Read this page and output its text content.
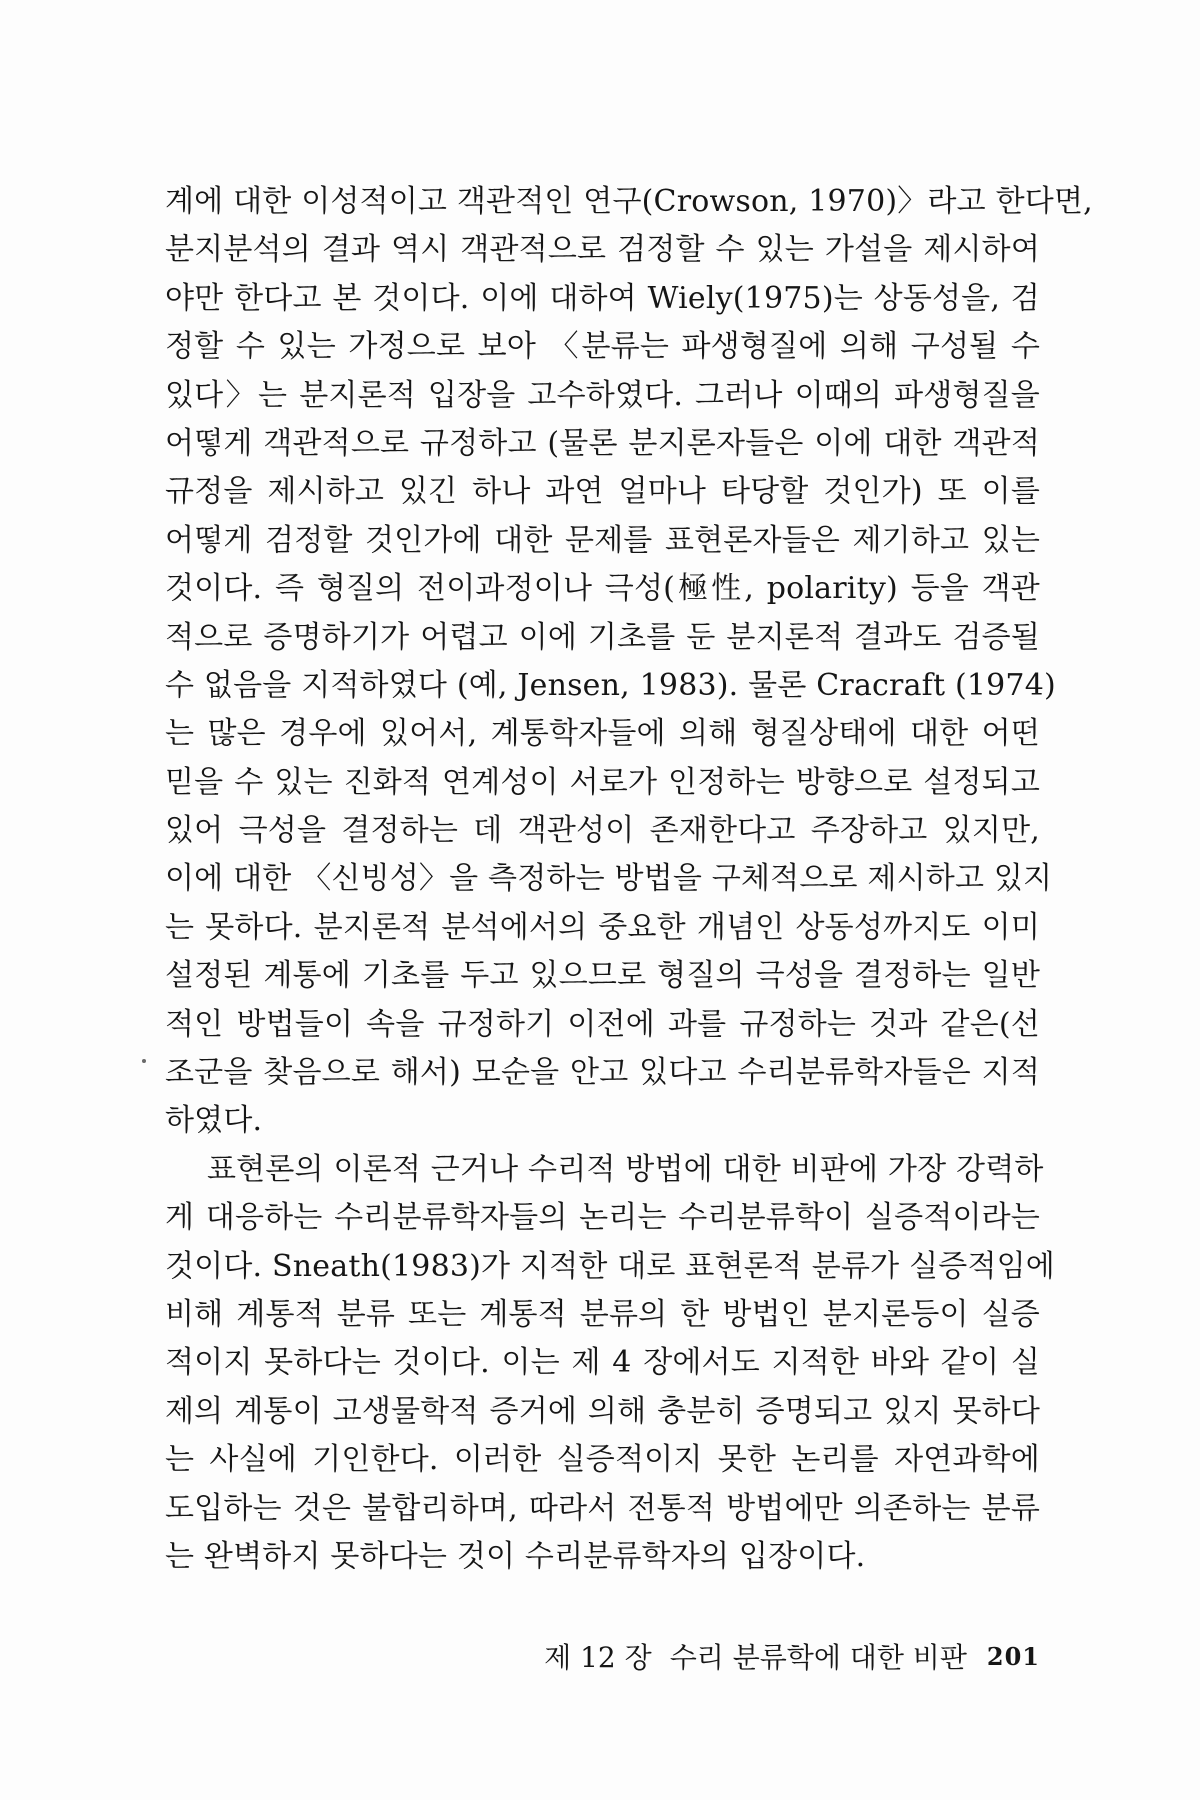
계에 대한 이성적이고 객관적인 연구(Crowson, 1970)〉라고 한다면,
분지분석의 결과 역시 객관적으로 검정할 수 있는 가설을 제시하여
야만 한다고 본 것이다. 이에 대하여 Wiely(1975)는 상동성을, 검
정할 수 있는 가정으로 보아 〈분류는 파생형질에 의해 구성될 수
있다〉는 분지론적 입장을 고수하였다. 그러나 이때의 파생형질을
어떻게 객관적으로 규정하고 (물론 분지론자들은 이에 대한 객관적
규정을 제시하고 있긴 하나 과연 얼마나 타당할 것인가) 또 이를
어떻게 검정할 것인가에 대한 문제를 표현론자들은 제기하고 있는
것이다. 즉 형질의 전이과정이나 극성(極性, polarity) 등을 객관
적으로 증명하기가 어렵고 이에 기초를 둔 분지론적 결과도 검증될
수 없음을 지적하였다 (예, Jensen, 1983). 물론 Cracraft (1974)
는 많은 경우에 있어서, 계통학자들에 의해 형질상태에 대한 어떤
믿을 수 있는 진화적 연계성이 서로가 인정하는 방향으로 설정되고
있어 극성을 결정하는 데 객관성이 존재한다고 주장하고 있지만,
이에 대한 〈신빙성〉을 측정하는 방법을 구체적으로 제시하고 있지
는 못하다. 분지론적 분석에서의 중요한 개념인 상동성까지도 이미
설정된 계통에 기초를 두고 있으므로 형질의 극성을 결정하는 일반
적인 방법들이 속을 규정하기 이전에 과를 규정하는 것과 같은(선
조군을 찾음으로 해서) 모순을 안고 있다고 수리분류학자들은 지적
하였다.
표현론의 이론적 근거나 수리적 방법에 대한 비판에 가장 강력하
게 대응하는 수리분류학자들의 논리는 수리분류학이 실증적이라는
것이다. Sneath(1983)가 지적한 대로 표현론적 분류가 실증적임에
비해 계통적 분류 또는 계통적 분류의 한 방법인 분지론등이 실증
적이지 못하다는 것이다. 이는 제 4 장에서도 지적한 바와 같이 실
제의 계통이 고생물학적 증거에 의해 충분히 증명되고 있지 못하다
는 사실에 기인한다. 이러한 실증적이지 못한 논리를 자연과학에
도입하는 것은 불합리하며, 따라서 전통적 방법에만 의존하는 분류
는 완벽하지 못하다는 것이 수리분류학자의 입장이다.
제 12 장 수리 분류학에 대한 비판 201
